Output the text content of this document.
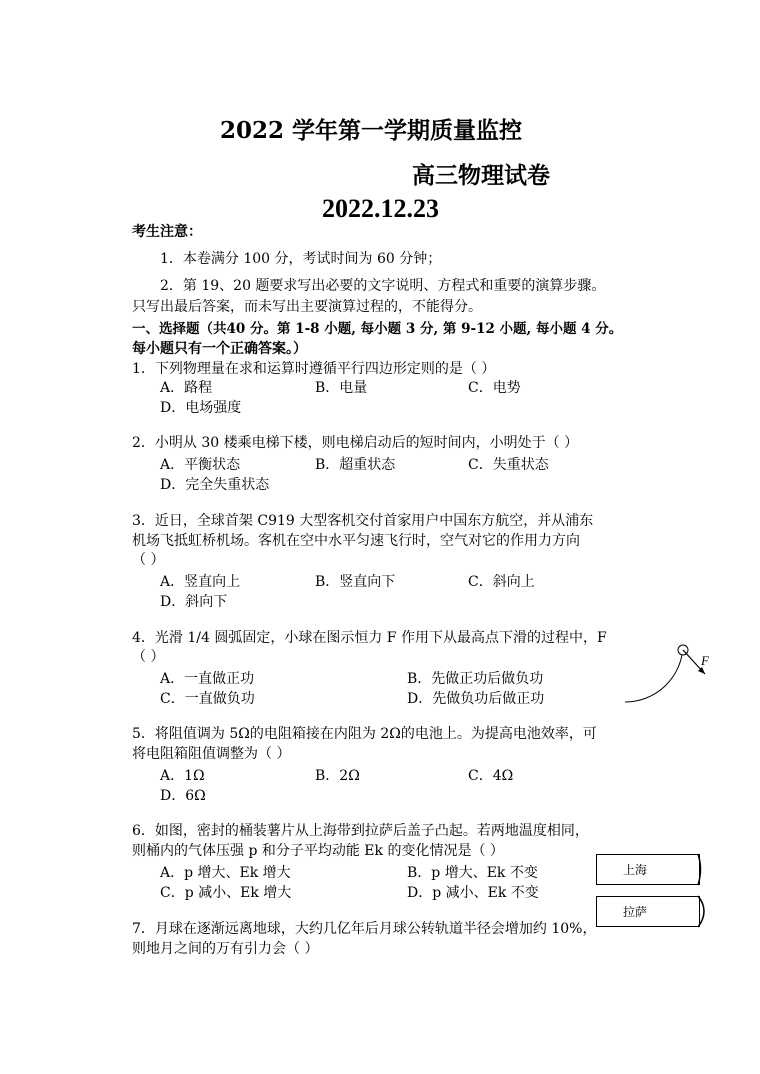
2022 学年第一学期质量监控
高三物理试卷
2022.12.23
考生注意：
1．本卷满分 100 分，考试时间为 60 分钟；
2．第 19、20 题要求写出必要的文字说明、方程式和重要的演算步骤。
只写出最后答案，而未写出主要演算过程的，不能得分。
一、选择题（共40 分。第 1-8 小题, 每小题 3 分, 第 9-12 小题, 每小题 4 分。
每小题只有一个正确答案。）
1．下列物理量在求和运算时遵循平行四边形定则的是（ ）
A．路程	B．电量	C．电势
D．电场强度
2．小明从 30 楼乘电梯下楼，则电梯启动后的短时间内，小明处于（ ）
A．平衡状态	B．超重状态	C．失重状态
D．完全失重状态
3．近日，全球首架 C919 大型客机交付首家用户中国东方航空，并从浦东
机场飞抵虹桥机场。客机在空中水平匀速飞行时，空气对它的作用力方向
（ ）
A．竖直向上	B．竖直向下	C．斜向上
D．斜向下
4．光滑 1/4 圆弧固定，小球在图示恒力 F 作用下从最高点下滑的过程中，F
（ ）
A．一直做正功	B．先做正功后做负功
C．一直做负功	D．先做负功后做正功
F
5．将阻值调为 5Ω的电阻箱接在内阻为 2Ω的电池上。为提高电池效率，可
将电阻箱阻值调整为（ ）
A．1Ω	B．2Ω	C．4Ω
D．6Ω
6．如图，密封的桶装薯片从上海带到拉萨后盖子凸起。若两地温度相同，
则桶内的气体压强 p 和分子平均动能 Ek 的变化情况是（ ）
A．p 增大、Ek 增大	B．p 增大、Ek 不变
C．p 减小、Ek 增大	D．p 减小、Ek 不变
上海
拉萨
7．月球在逐渐远离地球，大约几亿年后月球公转轨道半径会增加约 10%，
则地月之间的万有引力会（ ）
